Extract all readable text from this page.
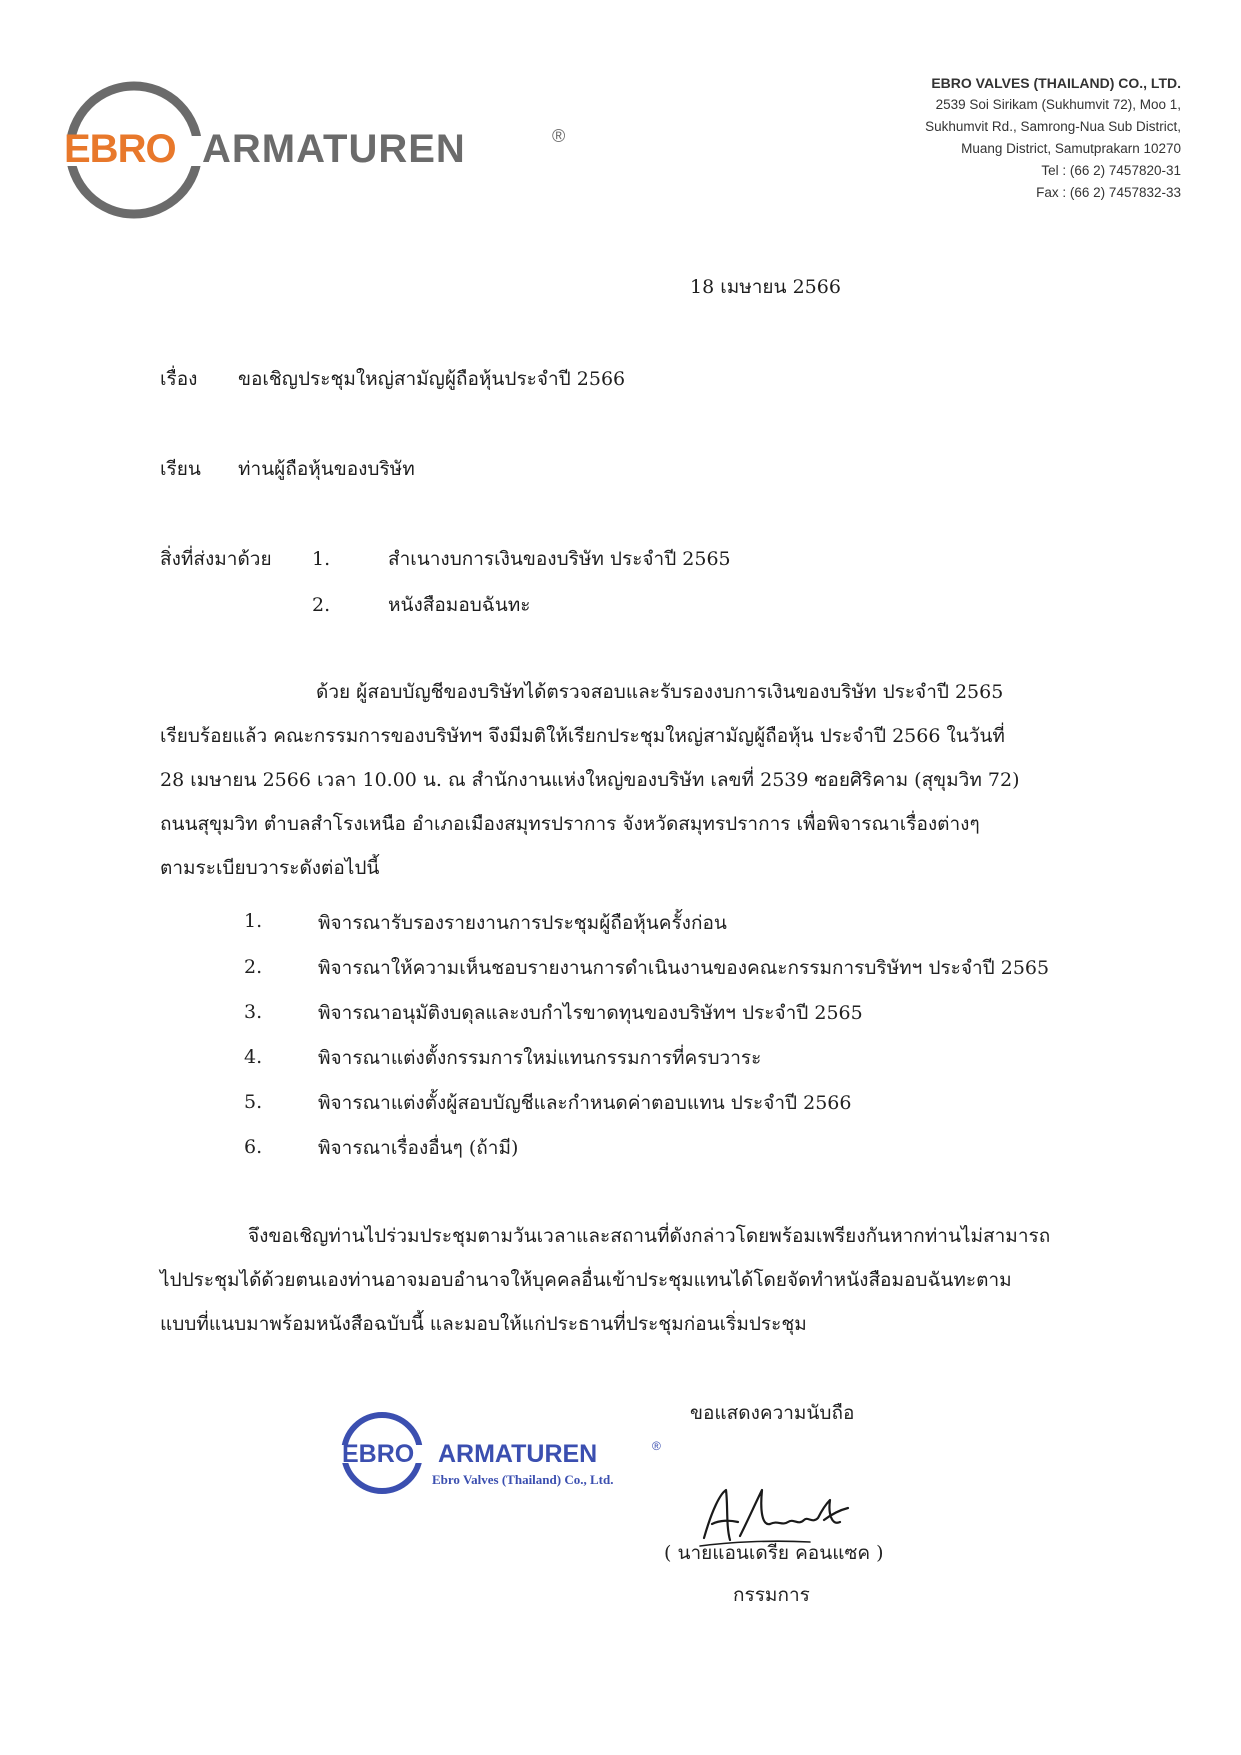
EBRO ARMATUREN	®
EBRO VALVES (THAILAND) CO., LTD.
2539 Soi Sirikam (Sukhumvit 72), Moo 1,
Sukhumvit Rd., Samrong-Nua Sub District,
Muang District, Samutprakarn 10270
Tel : (66 2) 7457820-31
Fax : (66 2) 7457832-33
18 เมษายน 2566
เรื่อง ขอเชิญประชุมใหญ่สามัญผู้ถือหุ้นประจำปี 2566
เรียน ท่านผู้ถือหุ้นของบริษัท
สิ่งที่ส่งมาด้วย 1.	สำเนางบการเงินของบริษัท ประจำปี 2565
2.	หนังสือมอบฉันทะ
ด้วย ผู้สอบบัญชีของบริษัทได้ตรวจสอบและรับรองงบการเงินของบริษัท ประจำปี 2565
เรียบร้อยแล้ว คณะกรรมการของบริษัทฯ จึงมีมติให้เรียกประชุมใหญ่สามัญผู้ถือหุ้น ประจำปี 2566 ในวันที่
28 เมษายน 2566 เวลา 10.00 น. ณ สำนักงานแห่งใหญ่ของบริษัท เลขที่ 2539 ซอยศิริคาม (สุขุมวิท 72)
ถนนสุขุมวิท ตำบลสำโรงเหนือ อำเภอเมืองสมุทรปราการ จังหวัดสมุทรปราการ เพื่อพิจารณาเรื่องต่างๆ
ตามระเบียบวาระดังต่อไปนี้
1.	พิจารณารับรองรายงานการประชุมผู้ถือหุ้นครั้งก่อน
2.	พิจารณาให้ความเห็นชอบรายงานการดำเนินงานของคณะกรรมการบริษัทฯ ประจำปี 2565
3.	พิจารณาอนุมัติงบดุลและงบกำไรขาดทุนของบริษัทฯ ประจำปี 2565
4.	พิจารณาแต่งตั้งกรรมการใหม่แทนกรรมการที่ครบวาระ
5.	พิจารณาแต่งตั้งผู้สอบบัญชีและกำหนดค่าตอบแทน ประจำปี 2566
6.	พิจารณาเรื่องอื่นๆ (ถ้ามี)
จึงขอเชิญท่านไปร่วมประชุมตามวันเวลาและสถานที่ดังกล่าวโดยพร้อมเพรียงกันหากท่านไม่สามารถ
ไปประชุมได้ด้วยตนเองท่านอาจมอบอำนาจให้บุคคลอื่นเข้าประชุมแทนได้โดยจัดทำหนังสือมอบฉันทะตาม
แบบที่แนบมาพร้อมหนังสือฉบับนี้ และมอบให้แก่ประธานที่ประชุมก่อนเริ่มประชุม
ขอแสดงความนับถือ
EBRO ARMATUREN	®
Ebro Valves (Thailand) Co., Ltd.
( นายแอนเดรีย คอนแซค )
กรรมการ
